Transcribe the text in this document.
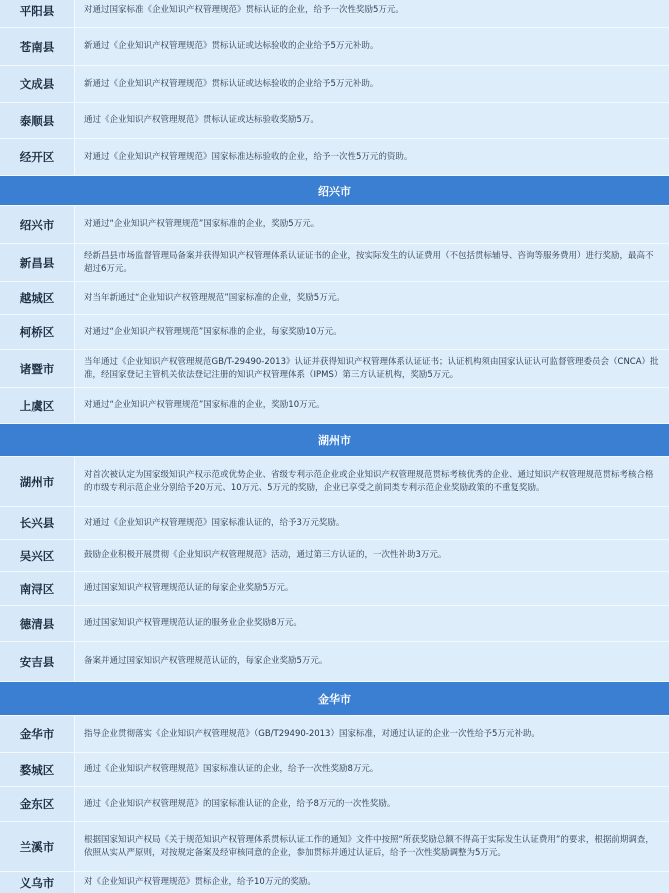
平阳县	对通过国家标准《企业知识产权管理规范》贯标认证的企业，给予一次性奖励5万元。
苍南县	新通过《企业知识产权管理规范》贯标认证或达标验收的企业给予5万元补助。
文成县	新通过《企业知识产权管理规范》贯标认证或达标验收的企业给予5万元补助。
泰顺县	通过《企业知识产权管理规范》贯标认证或达标验收奖励5万。
经开区	对通过《企业知识产权管理规范》国家标准达标验收的企业，给予一次性5万元的资助。
绍兴市
绍兴市	对通过“企业知识产权管理规范”国家标准的企业，奖励5万元。
新昌县	经新昌县市场监督管理局备案并获得知识产权管理体系认证证书的企业，按实际发生的认证费用（不包括贯标辅导、咨询等服务费用）进行奖励，最高不超过6万元。
越城区	对当年新通过“企业知识产权管理规范”国家标准的企业，奖励5万元。
柯桥区	对通过“企业知识产权管理规范”国家标准的企业，每家奖励10万元。
诸暨市	当年通过《企业知识产权管理规范GB/T-29490-2013》认证并获得知识产权管理体系认证证书；认证机构须由国家认证认可监督管理委员会（CNCA）批准，经国家登记主管机关依法登记注册的知识产权管理体系（IPMS）第三方认证机构，奖励5万元。
上虞区	对通过“企业知识产权管理规范”国家标准的企业，奖励10万元。
湖州市
湖州市	对首次被认定为国家级知识产权示范或优势企业、省级专利示范企业或企业知识产权管理规范贯标考核优秀的企业、通过知识产权管理规范贯标考核合格的市级专利示范企业分别给予20万元、10万元、5万元的奖励，企业已享受之前同类专利示范企业奖励政策的不重复奖励。
长兴县	对通过《企业知识产权管理规范》国家标准认证的，给予3万元奖励。
吴兴区	鼓励企业积极开展贯彻《企业知识产权管理规范》活动，通过第三方认证的，一次性补助3万元。
南浔区	通过国家知识产权管理规范认证的每家企业奖励5万元。
德清县	通过国家知识产权管理规范认证的服务业企业奖励8万元。
安吉县	备案并通过国家知识产权管理规范认证的，每家企业奖励5万元。
金华市
金华市	指导企业贯彻落实《企业知识产权管理规范》（GB/T29490-2013）国家标准，对通过认证的企业一次性给予5万元补助。
婺城区	通过《企业知识产权管理规范》国家标准认证的企业，给予一次性奖励8万元。
金东区	通过《企业知识产权管理规范》的国家标准认证的企业，给予8万元的一次性奖励。
兰溪市	根据国家知识产权局《关于规范知识产权管理体系贯标认证工作的通知》文件中按照“所获奖励总额不得高于实际发生认证费用”的要求，根据前期调查，依照从实从严原则，对按规定备案及经审核同意的企业，参加贯标并通过认证后，给予一次性奖励调整为5万元。
义乌市	对《企业知识产权管理规范》贯标企业，给予10万元的奖励。
